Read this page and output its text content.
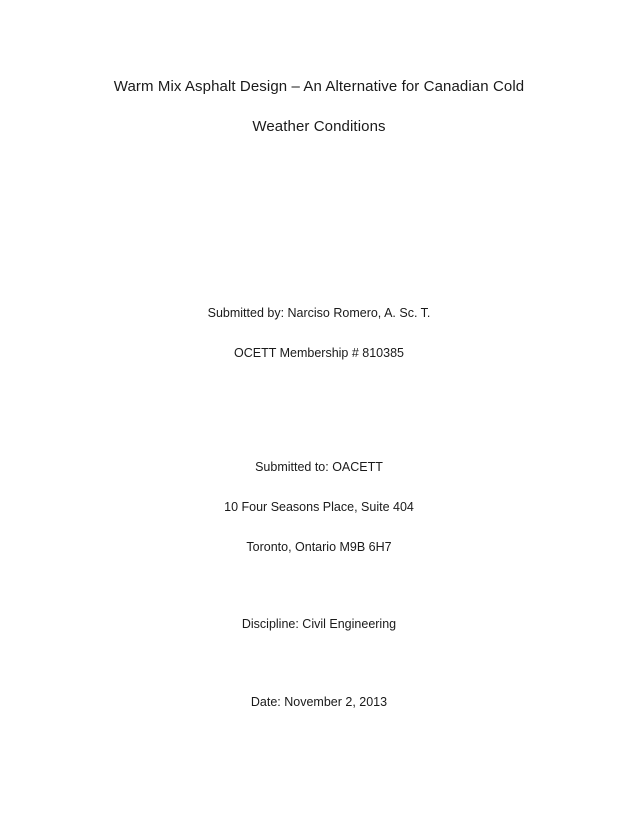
Warm Mix Asphalt Design – An Alternative for Canadian Cold
Weather Conditions
Submitted by: Narciso Romero, A. Sc. T.
OCETT Membership # 810385
Submitted to: OACETT
10 Four Seasons Place, Suite 404
Toronto, Ontario M9B 6H7
Discipline: Civil Engineering
Date: November 2, 2013
